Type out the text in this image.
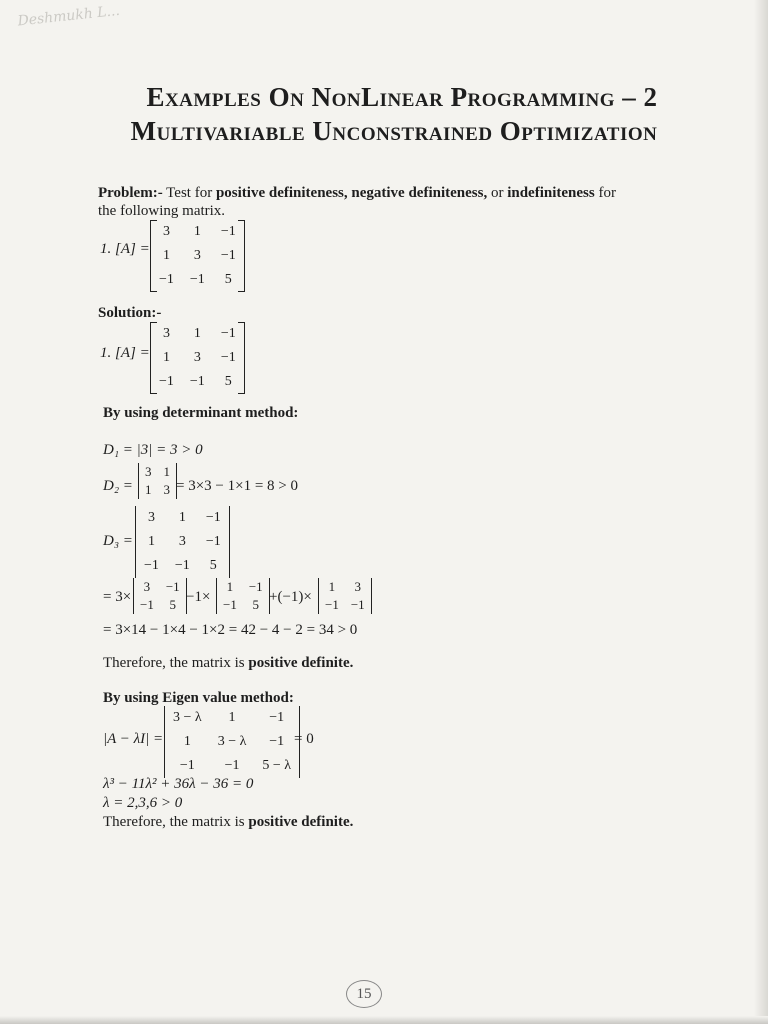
Deshmukh L...
Examples On NonLinear Programming – 2
Multivariable Unconstrained Optimization
Problem:- Test for positive definiteness, negative definiteness, or indefiniteness for
the following matrix.
1. [A] =
3	1	−1
1	3	−1
−1	−1	5
Solution:-
1. [A] =
3	1	−1
1	3	−1
−1	−1	5
By using determinant method:
D₁ = |3| = 3 > 0
D₂ =
3	1
1	3 = 3×3 − 1×1 = 8 > 0
D₃ =
3	1	−1
1	3	−1
−1	−1	5
= 3×
3	−1
−1	5 −1×
1	−1
−1	5 +(−1)×
1	3
−1	−1
= 3×14 − 1×4 − 1×2 = 42 − 4 − 2 = 34 > 0
Therefore, the matrix is positive definite.
By using Eigen value method:
|A − λI| =
3 − λ	1	−1
1	3 − λ	−1
−1	−1	5 − λ
= 0
λ³ − 11λ² + 36λ − 36 = 0
λ = 2,3,6 > 0
Therefore, the matrix is positive definite.
15
